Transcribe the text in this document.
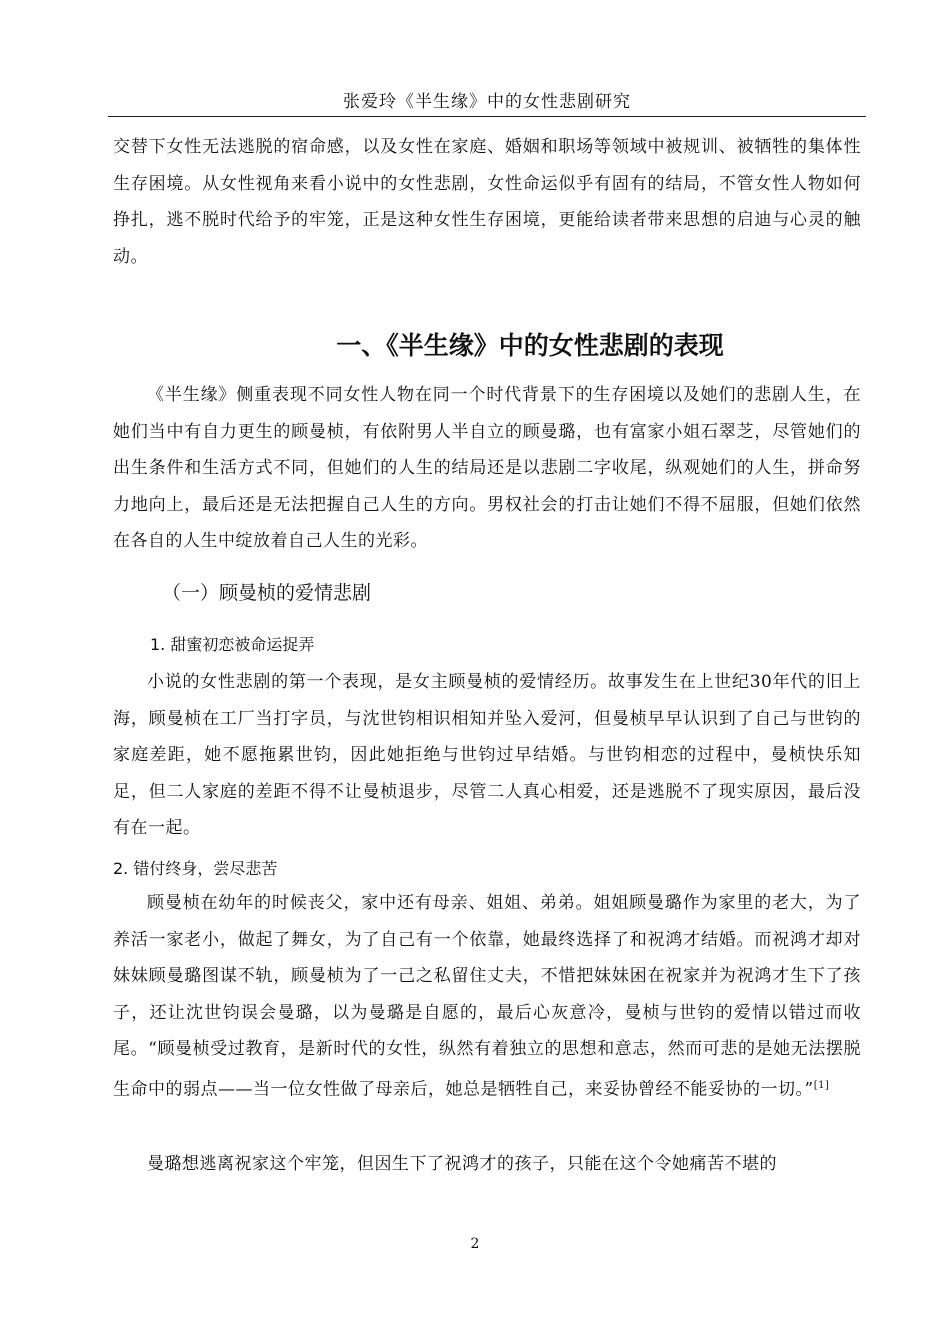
张爱玲《半生缘》中的女性悲剧研究

交替下女性无法逃脱的宿命感，以及女性在家庭、婚姻和职场等领域中被规训、被牺牲的集体性生存困境。从女性视角来看小说中的女性悲剧，女性命运似乎有固有的结局，不管女性人物如何挣扎，逃不脱时代给予的牢笼，正是这种女性生存困境，更能给读者带来思想的启迪与心灵的触动。

一、《半生缘》中的女性悲剧的表现

《半生缘》侧重表现不同女性人物在同一个时代背景下的生存困境以及她们的悲剧人生，在她们当中有自力更生的顾曼桢，有依附男人半自立的顾曼璐，也有富家小姐石翠芝，尽管她们的出生条件和生活方式不同，但她们的人生的结局还是以悲剧二字收尾，纵观她们的人生，拼命努力地向上，最后还是无法把握自己人生的方向。男权社会的打击让她们不得不屈服，但她们依然在各自的人生中绽放着自己人生的光彩。

（一）顾曼桢的爱情悲剧
1. 甜蜜初恋被命运捉弄

小说的女性悲剧的第一个表现，是女主顾曼桢的爱情经历。故事发生在上世纪30年代的旧上海，顾曼桢在工厂当打字员，与沈世钧相识相知并坠入爱河，但曼桢早早认识到了自己与世钧的家庭差距，她不愿拖累世钧，因此她拒绝与世钧过早结婚。与世钧相恋的过程中，曼桢快乐知足，但二人家庭的差距不得不让曼桢退步，尽管二人真心相爱，还是逃脱不了现实原因，最后没有在一起。

2. 错付终身，尝尽悲苦

顾曼桢在幼年的时候丧父，家中还有母亲、姐姐、弟弟。姐姐顾曼璐作为家里的老大，为了养活一家老小，做起了舞女，为了自己有一个依靠，她最终选择了和祝鸿才结婚。而祝鸿才却对妹妹顾曼璐图谋不轨，顾曼桢为了一己之私留住丈夫，不惜把妹妹困在祝家并为祝鸿才生下了孩子，还让沈世钧误会曼璐，以为曼璐是自愿的，最后心灰意冷，曼桢与世钧的爱情以错过而收尾。“顾曼桢受过教育，是新时代的女性，纵然有着独立的思想和意志，然而可悲的是她无法摆脱生命中的弱点——当一位女性做了母亲后，她总是牺牲自己，来妥协曾经不能妥协的一切。”[1]

曼璐想逃离祝家这个牢笼，但因生下了祝鸿才的孩子，只能在这个令她痛苦不堪的

2
